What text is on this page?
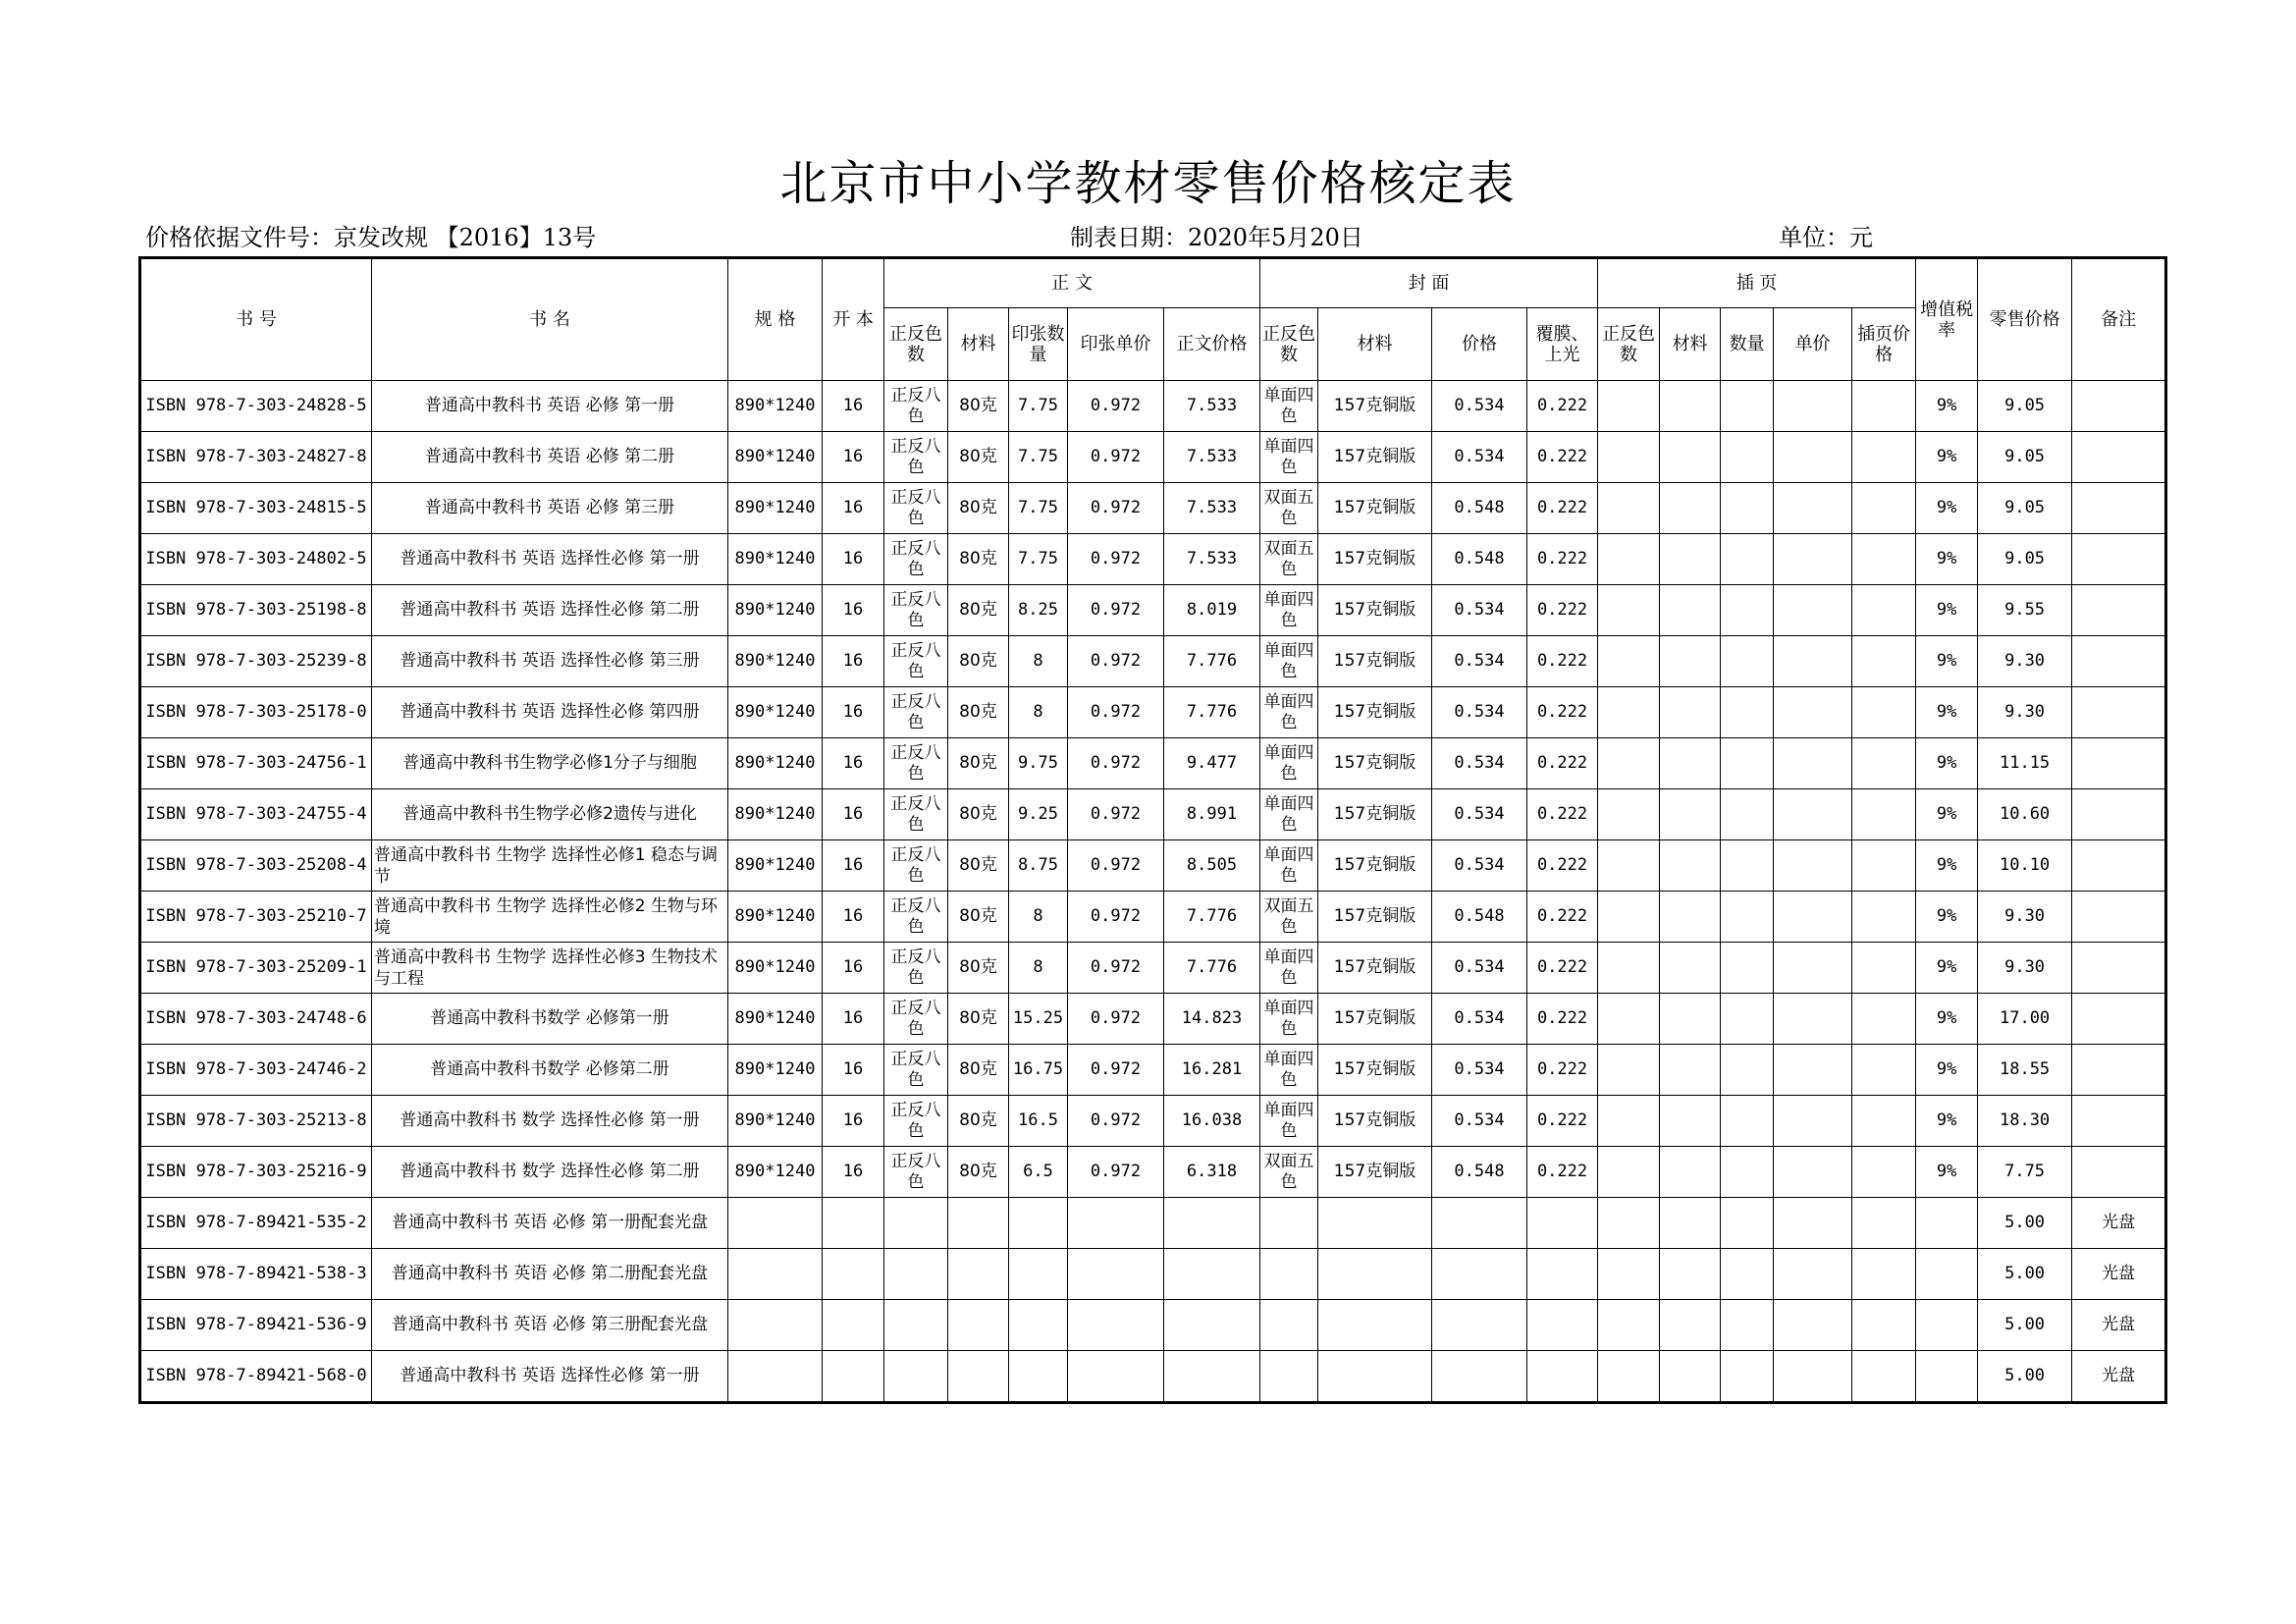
北京市中小学教材零售价格核定表
价格依据文件号：京发改规 【2016】13号	制表日期：2020年5月20日	单位：元
书 号	书 名	规 格	开 本	正 文					封 面				插 页					增值税率	零售价格	备注
				正反色数	材料	印张数量	印张单价	正文价格	正反色数	材料	价格	覆膜、上光	正反色数	材料	数量	单价	插页价格			
ISBN 978-7-303-24828-5	普通高中教科书 英语 必修 第一册	890*1240	16	正反八色	80克	7.75	0.972	7.533	单面四色	157克铜版	0.534	0.222						9%	9.05	
ISBN 978-7-303-24827-8	普通高中教科书 英语 必修 第二册	890*1240	16	正反八色	80克	7.75	0.972	7.533	单面四色	157克铜版	0.534	0.222						9%	9.05	
ISBN 978-7-303-24815-5	普通高中教科书 英语 必修 第三册	890*1240	16	正反八色	80克	7.75	0.972	7.533	双面五色	157克铜版	0.548	0.222						9%	9.05	
ISBN 978-7-303-24802-5	普通高中教科书 英语 选择性必修 第一册	890*1240	16	正反八色	80克	7.75	0.972	7.533	双面五色	157克铜版	0.548	0.222						9%	9.05	
ISBN 978-7-303-25198-8	普通高中教科书 英语 选择性必修 第二册	890*1240	16	正反八色	80克	8.25	0.972	8.019	单面四色	157克铜版	0.534	0.222						9%	9.55	
ISBN 978-7-303-25239-8	普通高中教科书 英语 选择性必修 第三册	890*1240	16	正反八色	80克	8	0.972	7.776	单面四色	157克铜版	0.534	0.222						9%	9.30	
ISBN 978-7-303-25178-0	普通高中教科书 英语 选择性必修 第四册	890*1240	16	正反八色	80克	8	0.972	7.776	单面四色	157克铜版	0.534	0.222						9%	9.30	
ISBN 978-7-303-24756-1	普通高中教科书生物学必修1分子与细胞	890*1240	16	正反八色	80克	9.75	0.972	9.477	单面四色	157克铜版	0.534	0.222						9%	11.15	
ISBN 978-7-303-24755-4	普通高中教科书生物学必修2遗传与进化	890*1240	16	正反八色	80克	9.25	0.972	8.991	单面四色	157克铜版	0.534	0.222						9%	10.60	
ISBN 978-7-303-25208-4	普通高中教科书 生物学 选择性必修1 稳态与调节	890*1240	16	正反八色	80克	8.75	0.972	8.505	单面四色	157克铜版	0.534	0.222						9%	10.10	
ISBN 978-7-303-25210-7	普通高中教科书 生物学 选择性必修2 生物与环境	890*1240	16	正反八色	80克	8	0.972	7.776	双面五色	157克铜版	0.548	0.222						9%	9.30	
ISBN 978-7-303-25209-1	普通高中教科书 生物学 选择性必修3 生物技术与工程	890*1240	16	正反八色	80克	8	0.972	7.776	单面四色	157克铜版	0.534	0.222						9%	9.30	
ISBN 978-7-303-24748-6	普通高中教科书数学 必修第一册	890*1240	16	正反八色	80克	15.25	0.972	14.823	单面四色	157克铜版	0.534	0.222						9%	17.00	
ISBN 978-7-303-24746-2	普通高中教科书数学 必修第二册	890*1240	16	正反八色	80克	16.75	0.972	16.281	单面四色	157克铜版	0.534	0.222						9%	18.55	
ISBN 978-7-303-25213-8	普通高中教科书 数学 选择性必修 第一册	890*1240	16	正反八色	80克	16.5	0.972	16.038	单面四色	157克铜版	0.534	0.222						9%	18.30	
ISBN 978-7-303-25216-9	普通高中教科书 数学 选择性必修 第二册	890*1240	16	正反八色	80克	6.5	0.972	6.318	双面五色	157克铜版	0.548	0.222						9%	7.75	
ISBN 978-7-89421-535-2	普通高中教科书 英语 必修 第一册配套光盘																		5.00	光盘
ISBN 978-7-89421-538-3	普通高中教科书 英语 必修 第二册配套光盘																		5.00	光盘
ISBN 978-7-89421-536-9	普通高中教科书 英语 必修 第三册配套光盘																		5.00	光盘
ISBN 978-7-89421-568-0	普通高中教科书 英语 选择性必修 第一册																		5.00	光盘
